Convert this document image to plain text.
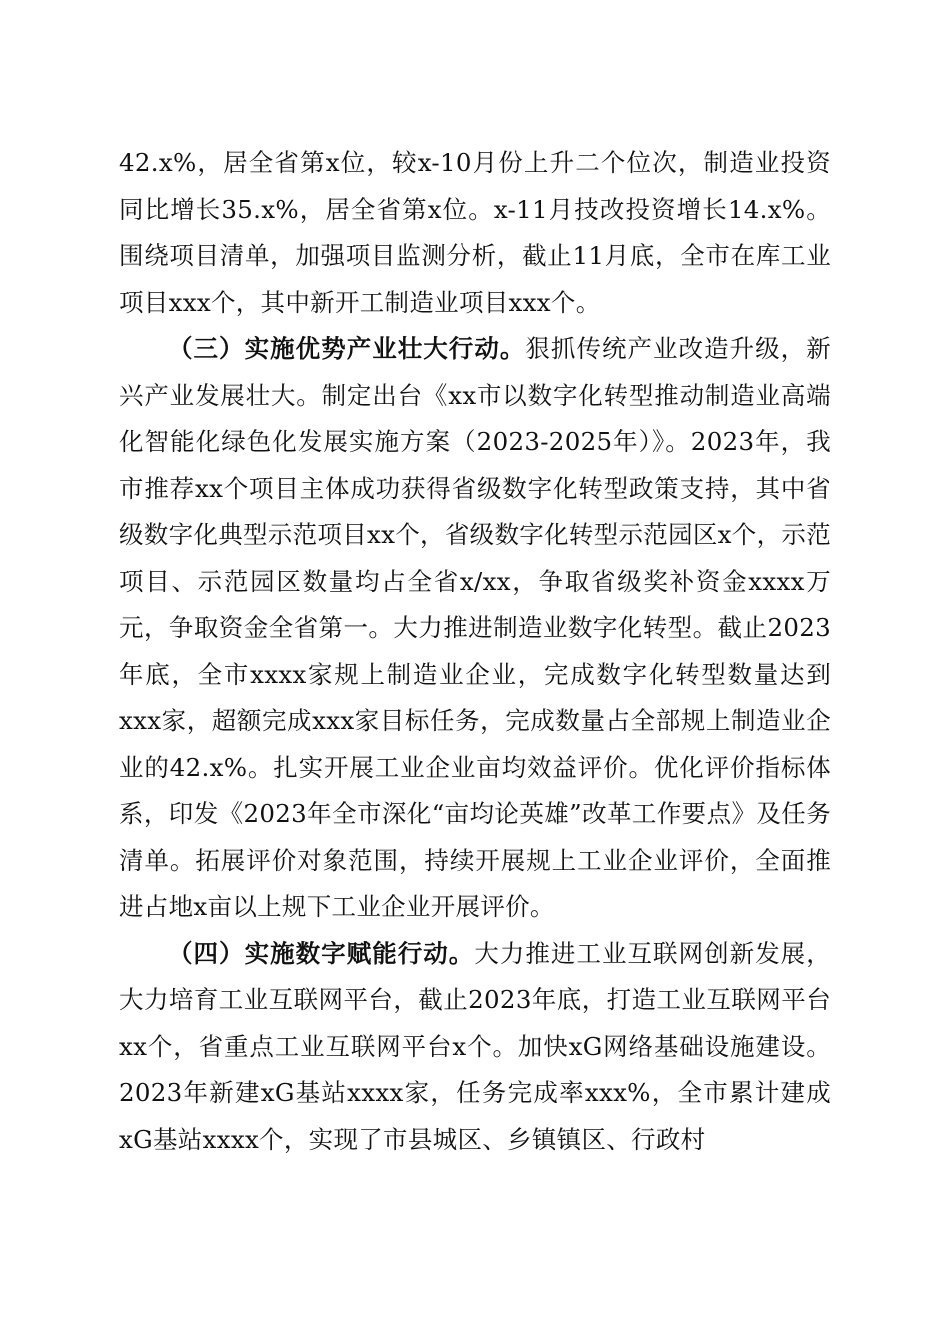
42.x%，居全省第x位，较x-10月份上升二个位次，制造业投资同比增长35.x%，居全省第x位。x-11月技改投资增长14.x%。围绕项目清单，加强项目监测分析，截止11月底，全市在库工业项目xxx个，其中新开工制造业项目xxx个。

（三）实施优势产业壮大行动。狠抓传统产业改造升级，新兴产业发展壮大。制定出台《xx市以数字化转型推动制造业高端化智能化绿色化发展实施方案（2023-2025年）》。2023年，我市推荐xx个项目主体成功获得省级数字化转型政策支持，其中省级数字化典型示范项目xx个，省级数字化转型示范园区x个，示范项目、示范园区数量均占全省x/xx，争取省级奖补资金xxxx万元，争取资金全省第一。大力推进制造业数字化转型。截止2023年底，全市xxxx家规上制造业企业，完成数字化转型数量达到xxx家，超额完成xxx家目标任务，完成数量占全部规上制造业企业的42.x%。扎实开展工业企业亩均效益评价。优化评价指标体系，印发《2023年全市深化“亩均论英雄”改革工作要点》及任务清单。拓展评价对象范围，持续开展规上工业企业评价，全面推进占地x亩以上规下工业企业开展评价。

（四）实施数字赋能行动。大力推进工业互联网创新发展，大力培育工业互联网平台，截止2023年底，打造工业互联网平台xx个，省重点工业互联网平台x个。加快xG网络基础设施建设。2023年新建xG基站xxxx家，任务完成率xxx%，全市累计建成xG基站xxxx个，实现了市县城区、乡镇镇区、行政村
